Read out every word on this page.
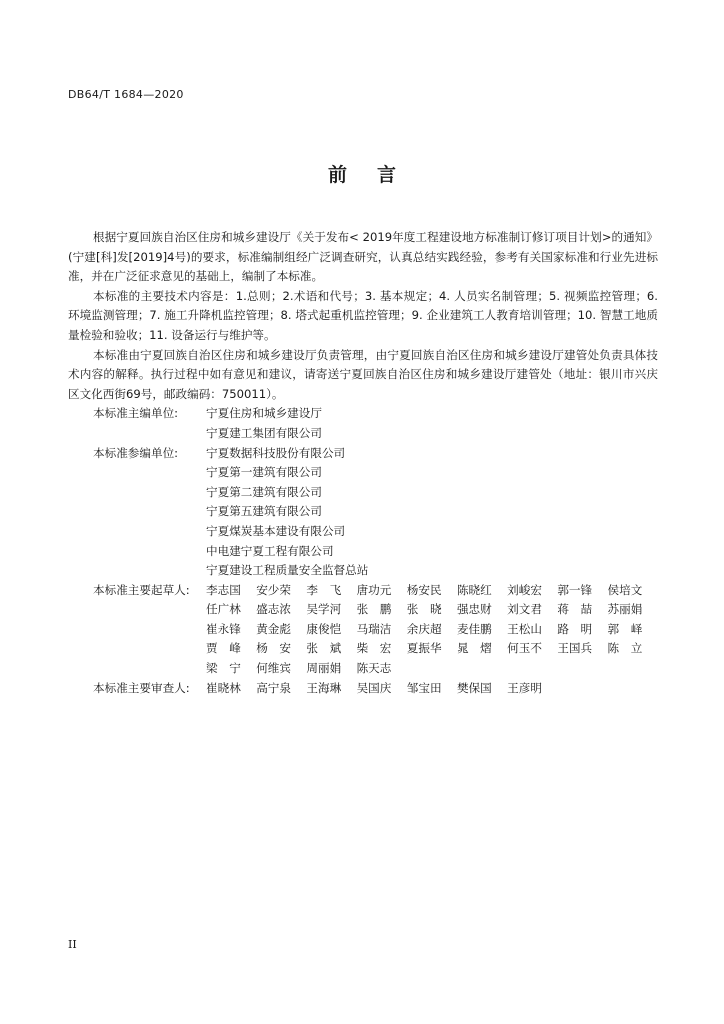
DB64/T 1684—2020
前 言

根据宁夏回族自治区住房和城乡建设厅《关于发布< 2019年度工程建设地方标准制订修订项目计划>的通知》(宁建[科]发[2019]4号)的要求，标准编制组经广泛调查研究，认真总结实践经验，参考有关国家标准和行业先进标准，并在广泛征求意见的基础上，编制了本标准。

本标准的主要技术内容是：1.总则；2.术语和代号；3. 基本规定；4. 人员实名制管理；5. 视频监控管理；6. 环境监测管理；7. 施工升降机监控管理；8. 塔式起重机监控管理；9. 企业建筑工人教育培训管理；10. 智慧工地质量检验和验收；11. 设备运行与维护等。

本标准由宁夏回族自治区住房和城乡建设厅负责管理，由宁夏回族自治区住房和城乡建设厅建管处负责具体技术内容的解释。执行过程中如有意见和建议，请寄送宁夏回族自治区住房和城乡建设厅建管处（地址：银川市兴庆区文化西街69号，邮政编码：750011）。

本标准主编单位:	宁夏住房和城乡建设厅
宁夏建工集团有限公司
本标准参编单位:	宁夏数据科技股份有限公司
宁夏第一建筑有限公司
宁夏第二建筑有限公司
宁夏第五建筑有限公司
宁夏煤炭基本建设有限公司
中电建宁夏工程有限公司
宁夏建设工程质量安全监督总站
本标准主要起草人:	李志国	安少荣	李　飞	唐功元	杨安民	陈晓红	刘峻宏	郭一锋	侯培文
任广林	盛志浓	吴学河	张　鹏	张　晓	强忠财	刘文君	蒋　喆	苏丽娟
崔永锋	黄金彪	康俊恺	马瑞洁	余庆超	麦佳鹏	王松山	路　明	郭　峄
贾　峰	杨　安	张　斌	柴　宏	夏振华	晁　熠	何玉不	王国兵	陈　立
梁　宁	何维宾	周丽娟	陈天志
本标准主要审查人:	崔晓林	高宁泉	王海琳	吴国庆	邹宝田	樊保国	王彦明
II
